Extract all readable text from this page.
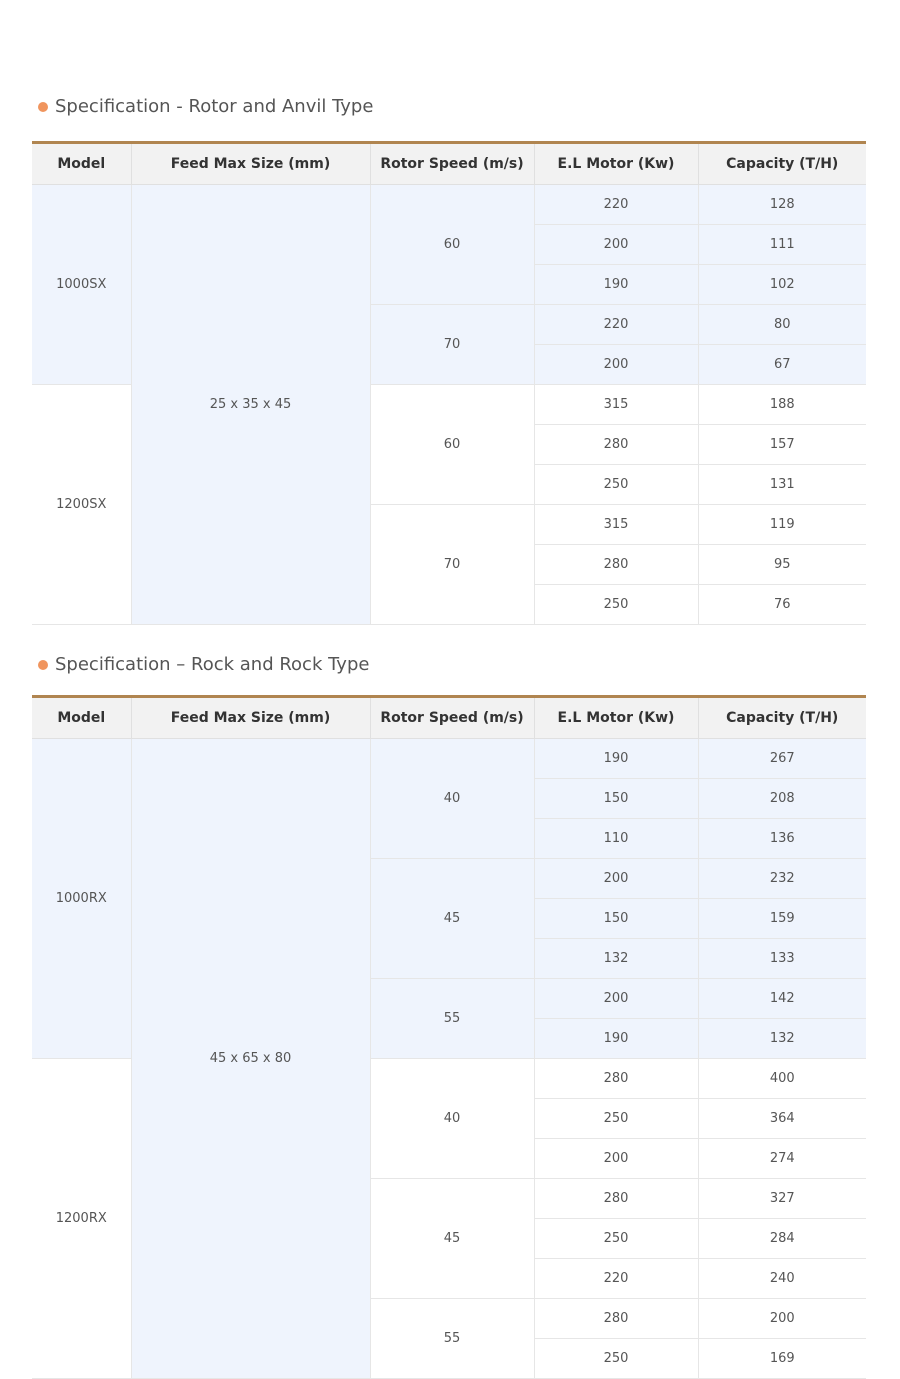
Specification - Rotor and Anvil Type
Model	Feed Max Size (mm)	Rotor Speed (m/s)	E.L Motor (Kw)	Capacity (T/H)
1000SX	25 x 35 x 45	60	220	128
			200	111
			190	102
		70	220	80
			200	67
1200SX		60	315	188
			280	157
			250	131
		70	315	119
			280	95
			250	76
Specification – Rock and Rock Type
Model	Feed Max Size (mm)	Rotor Speed (m/s)	E.L Motor (Kw)	Capacity (T/H)
1000RX	45 x 65 x 80	40	190	267
			150	208
			110	136
		45	200	232
			150	159
			132	133
		55	200	142
			190	132
1200RX		40	280	400
			250	364
			200	274
		45	280	327
			250	284
			220	240
		55	280	200
			250	169
